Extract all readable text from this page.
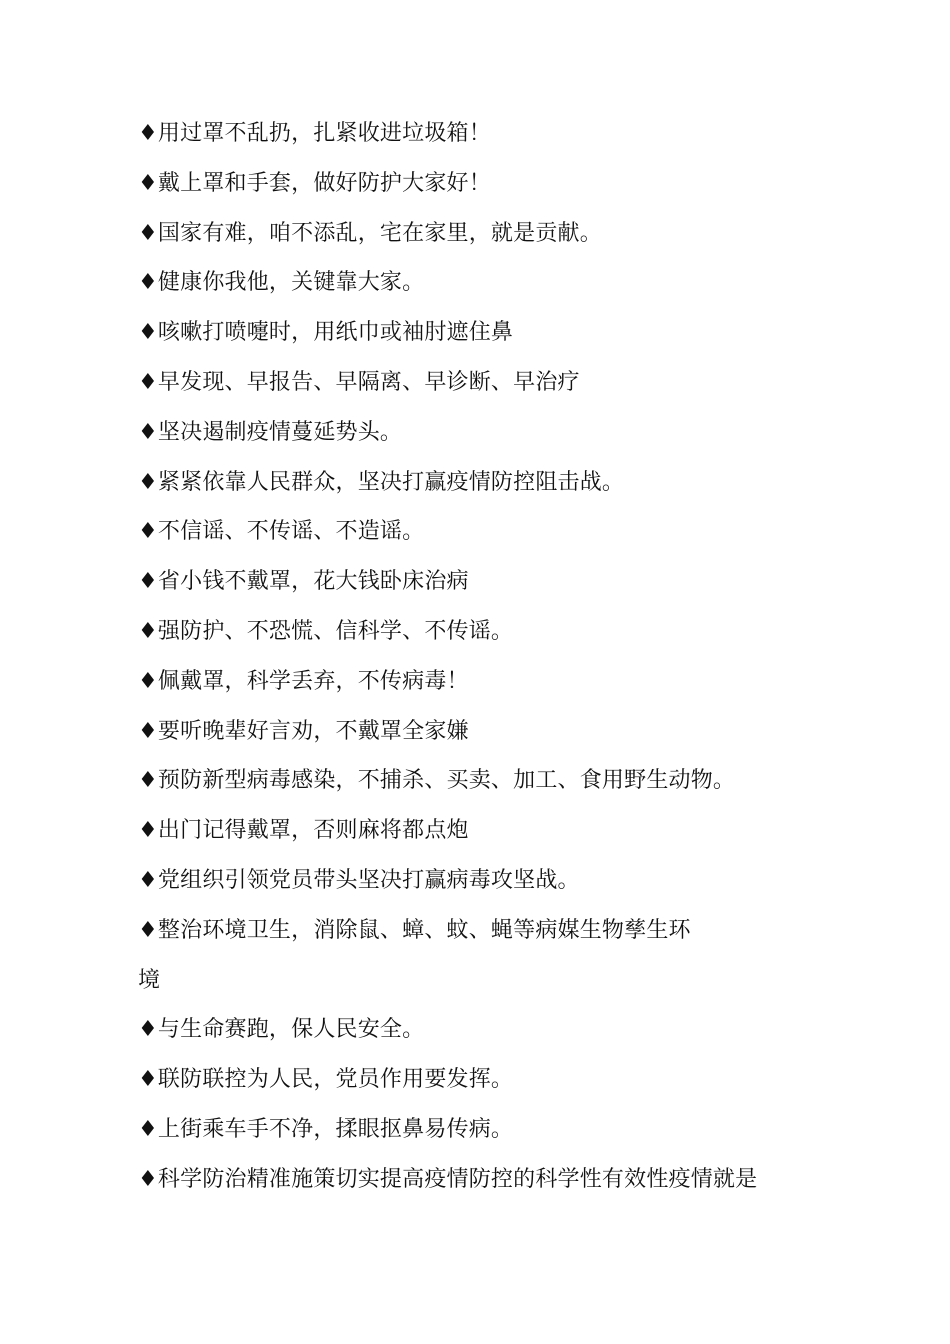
♦用过罩不乱扔，扎紧收进垃圾箱！
♦戴上罩和手套，做好防护大家好！
♦国家有难，咱不添乱，宅在家里，就是贡献。
♦健康你我他，关键靠大家。
♦咳嗽打喷嚏时，用纸巾或袖肘遮住鼻
♦早发现、早报告、早隔离、早诊断、早治疗
♦坚决遏制疫情蔓延势头。
♦紧紧依靠人民群众，坚决打赢疫情防控阻击战。
♦不信谣、不传谣、不造谣。
♦省小钱不戴罩，花大钱卧床治病
♦强防护、不恐慌、信科学、不传谣。
♦佩戴罩，科学丢弃，不传病毒！
♦要听晚辈好言劝，不戴罩全家嫌
♦预防新型病毒感染，不捕杀、买卖、加工、食用野生动物。
♦出门记得戴罩，否则麻将都点炮
♦党组织引领党员带头坚决打赢病毒攻坚战。
♦整治环境卫生，消除鼠、蟑、蚊、蝇等病媒生物孳生环
境
♦与生命赛跑，保人民安全。
♦联防联控为人民，党员作用要发挥。
♦上街乘车手不净，揉眼抠鼻易传病。
♦科学防治精准施策切实提高疫情防控的科学性有效性疫情就是
